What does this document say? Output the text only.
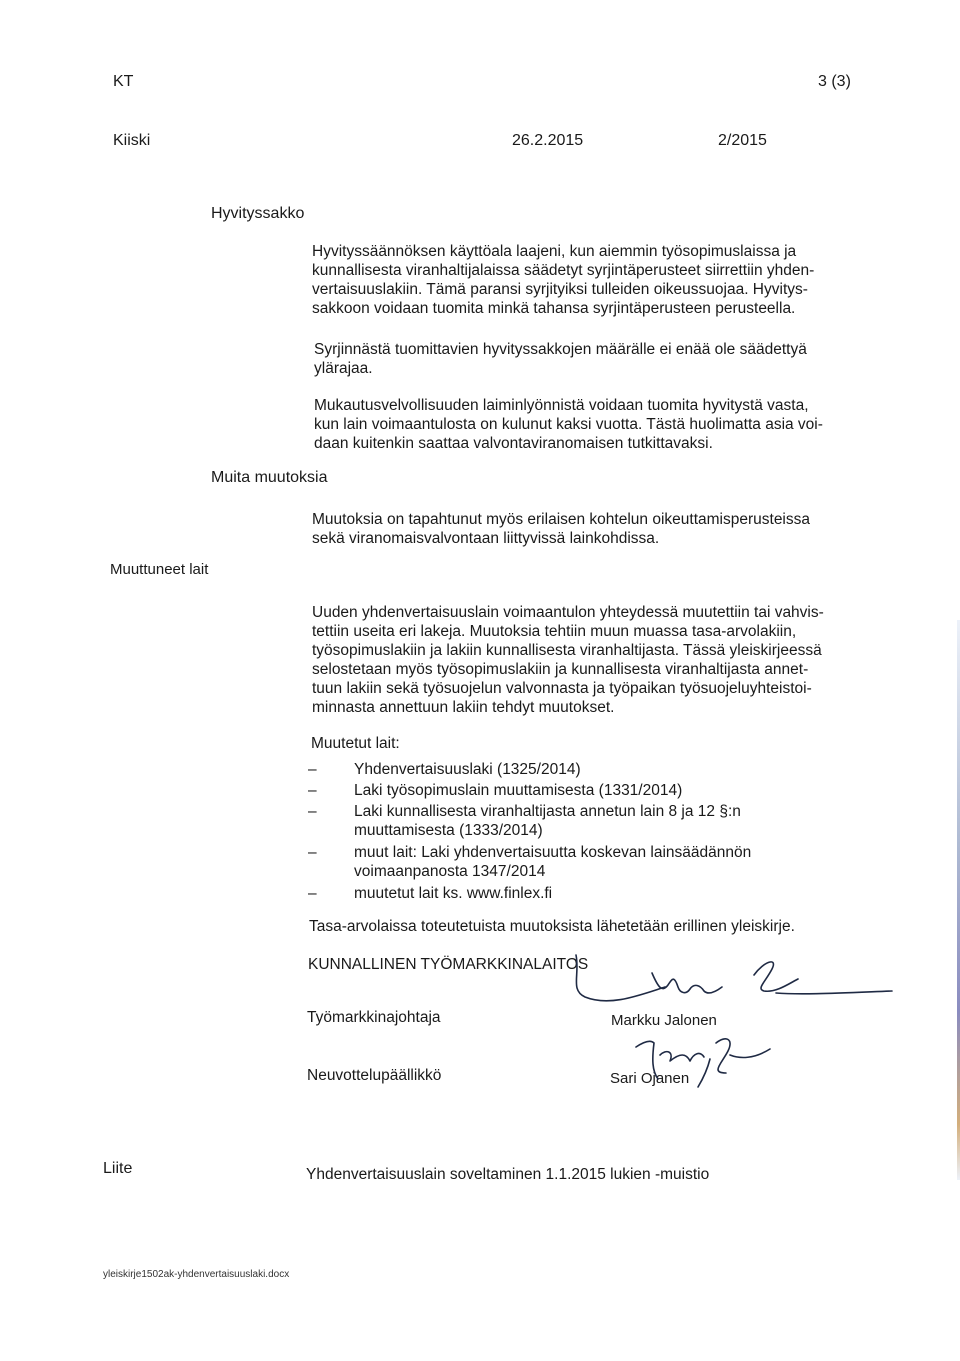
KT	3 (3)
Kiiski	26.2.2015	2/2015
Hyvityssakko
Muita muutoksia
Muuttuneet lait
Hyvityssäännöksen käyttöala laajeni, kun aiemmin työsopimuslaissa ja
kunnallisesta viranhaltijalaissa säädetyt syrjintäperusteet siirrettiin yhden-
vertaisuuslakiin. Tämä paransi syrjityiksi tulleiden oikeussuojaa. Hyvitys-
sakkoon voidaan tuomita minkä tahansa syrjintäperusteen perusteella.
Syrjinnästä tuomittavien hyvityssakkojen määrälle ei enää ole säädettyä
ylärajaa.
Mukautusvelvollisuuden laiminlyönnistä voidaan tuomita hyvitystä vasta,
kun lain voimaantulosta on kulunut kaksi vuotta. Tästä huolimatta asia voi-
daan kuitenkin saattaa valvontaviranomaisen tutkittavaksi.
Muutoksia on tapahtunut myös erilaisen kohtelun oikeuttamisperusteissa
sekä viranomaisvalvontaan liittyvissä lainkohdissa.
Uuden yhdenvertaisuuslain voimaantulon yhteydessä muutettiin tai vahvis-
tettiin useita eri lakeja. Muutoksia tehtiin muun muassa tasa-arvolakiin,
työsopimuslakiin ja lakiin kunnallisesta viranhaltijasta. Tässä yleiskirjeessä
selostetaan myös työsopimuslakiin ja kunnallisesta viranhaltijasta annet-
tuun lakiin sekä työsuojelun valvonnasta ja työpaikan työsuojeluyhteistoi-
minnasta annettuun lakiin tehdyt muutokset.
Muutetut lait:
– Yhdenvertaisuuslaki (1325/2014)
– Laki työsopimuslain muuttamisesta (1331/2014)
– Laki kunnallisesta viranhaltijasta annetun lain 8 ja 12 §:n
muuttamisesta (1333/2014)
– muut lait: Laki yhdenvertaisuutta koskevan lainsäädännön
voimaanpanosta 1347/2014
– muutetut lait ks. www.finlex.fi
Tasa-arvolaissa toteutetuista muutoksista lähetetään erillinen yleiskirje.
KUNNALLINEN TYÖMARKKINALAITOS
Työmarkkinajohtaja	Markku Jalonen
Neuvottelupäällikkö	Sari Ojanen
Liite	Yhdenvertaisuuslain soveltaminen 1.1.2015 lukien -muistio
yleiskirje1502ak-yhdenvertaisuuslaki.docx
